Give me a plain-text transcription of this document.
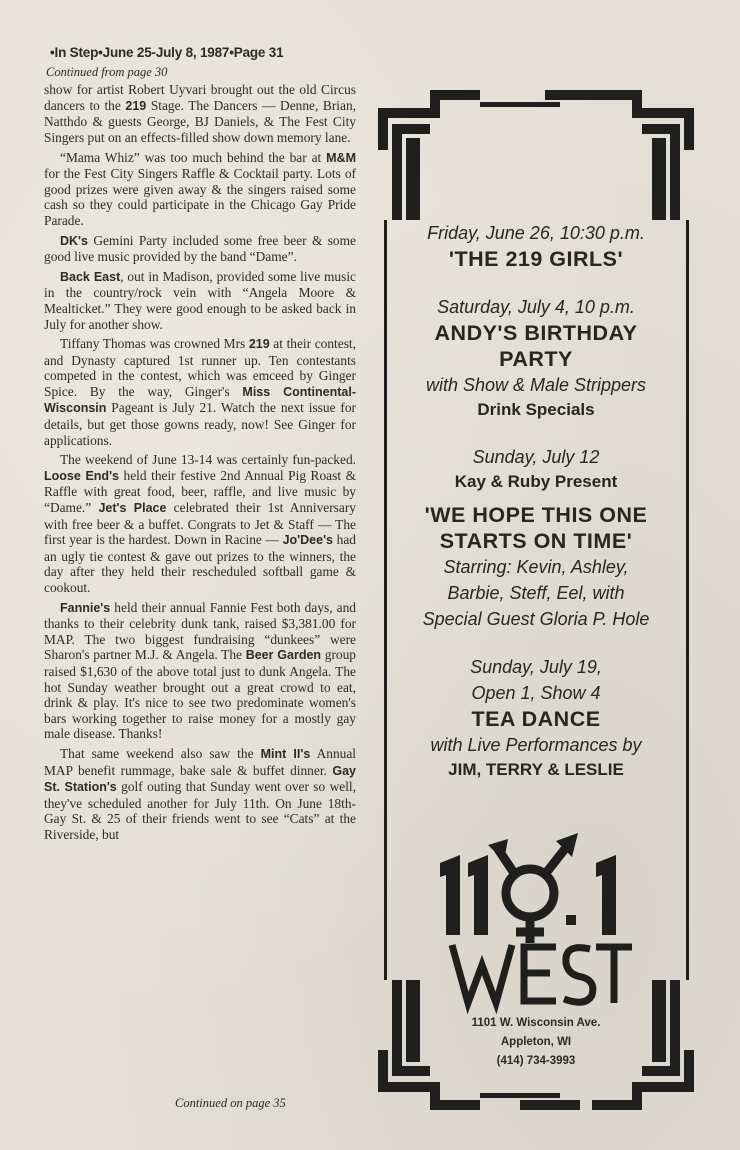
•In Step•June 25-July 8, 1987•Page 31
Continued from page 30

show for artist Robert Uyvari brought out the old Circus dancers to the 219 Stage. The Dancers — Denne, Brian, Natthdo & guests George, BJ Daniels, & The Fest City Singers put on an effects-filled show down memory lane.

“Mama Whiz” was too much behind the bar at M&M for the Fest City Singers Raffle & Cocktail party. Lots of good prizes were given away & the singers raised some cash so they could participate in the Chicago Gay Pride Parade.

DK's Gemini Party included some free beer & some good live music provided by the band “Dame”.

Back East, out in Madison, provided some live music in the country/rock vein with “Angela Moore & Mealticket.” They were good enough to be asked back in July for another show.

Tiffany Thomas was crowned Mrs 219 at their contest, and Dynasty captured 1st runner up. Ten contestants competed in the contest, which was emceed by Ginger Spice. By the way, Ginger's Miss Continental-Wisconsin Pageant is July 21. Watch the next issue for details, but get those gowns ready, now! See Ginger for applications.

The weekend of June 13-14 was certainly fun-packed. Loose End's held their festive 2nd Annual Pig Roast & Raffle with great food, beer, raffle, and live music by “Dame.” Jet's Place celebrated their 1st Anniversary with free beer & a buffet. Congrats to Jet & Staff — The first year is the hardest. Down in Racine — Jo'Dee's had an ugly tie contest & gave out prizes to the winners, the day after they held their rescheduled softball game & cookout.

Fannie's held their annual Fannie Fest both days, and thanks to their celebrity dunk tank, raised $3,381.00 for MAP. The two biggest fundraising “dunkees” were Sharon's partner M.J. & Angela. The Beer Garden group raised $1,630 of the above total just to dunk Angela. The hot Sunday weather brought out a great crowd to eat, drink & play. It's nice to see two predominate women's bars working together to raise money for a mostly gay male disease. Thanks!

That same weekend also saw the Mint II's Annual MAP benefit rummage, bake sale & buffet dinner. Gay St. Station's golf outing that Sunday went over so well, they've scheduled another for July 11th. On June 18th- Gay St. & 25 of their friends went to see “Cats” at the Riverside, but

Continued on page 35
Friday, June 26, 10:30 p.m.
'THE 219 GIRLS'
Saturday, July 4, 10 p.m.
ANDY'S BIRTHDAY
PARTY
with Show & Male Strippers
Drink Specials
Sunday, July 12
Kay & Ruby Present
'WE HOPE THIS ONE
STARTS ON TIME'
Starring: Kevin, Ashley,
Barbie, Steff, Eel, with
Special Guest Gloria P. Hole
Sunday, July 19,
Open 1, Show 4
TEA DANCE
with Live Performances by
JIM, TERRY & LESLIE
1101 W. Wisconsin Ave.
Appleton, WI
(414) 734-3993
